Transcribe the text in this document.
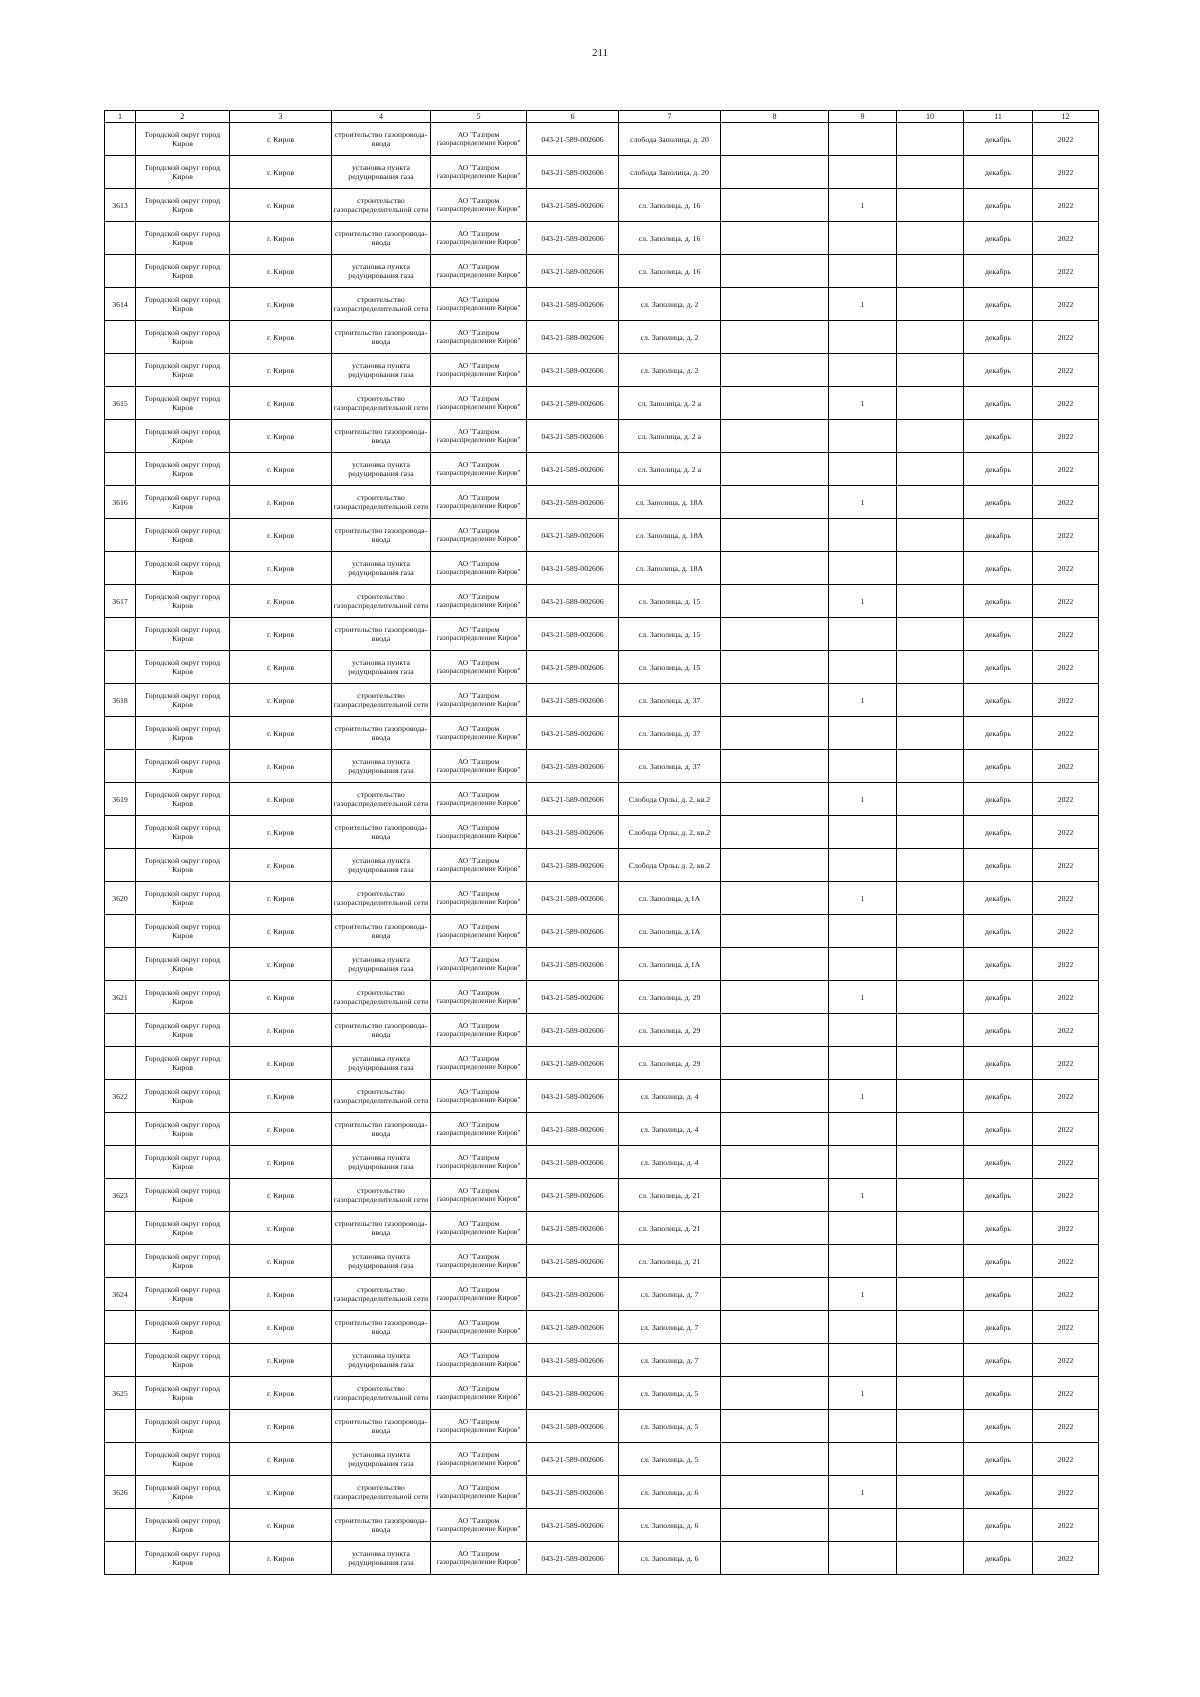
211
1	2	3	4	5	6	7	8	9	10	11	12
	Городской округ город Киров	г. Киров	строительство газопровода-ввода	АО "Газпром газораспределение Киров"	043-21-589-002606	слобода Заполица, д. 20				декабрь	2022
	Городской округ город Киров	г. Киров	установка пункта редуцирования газа	АО "Газпром газораспределение Киров"	043-21-589-002606	слобода Заполица, д. 20				декабрь	2022
3613	Городской округ город Киров	г. Киров	строительство газораспределительной сети	АО "Газпром газораспределение Киров"	043-21-589-002606	сл. Заполица, д. 16		1		декабрь	2022
	Городской округ город Киров	г. Киров	строительство газопровода-ввода	АО "Газпром газораспределение Киров"	043-21-589-002606	сл. Заполица, д. 16				декабрь	2022
	Городской округ город Киров	г. Киров	установка пункта редуцирования газа	АО "Газпром газораспределение Киров"	043-21-589-002606	сл. Заполица, д. 16				декабрь	2022
3614	Городской округ город Киров	г. Киров	строительство газораспределительной сети	АО "Газпром газораспределение Киров"	043-21-589-002606	сл. Заполица, д. 2		1		декабрь	2022
	Городской округ город Киров	г. Киров	строительство газопровода-ввода	АО "Газпром газораспределение Киров"	043-21-589-002606	сл. Заполица, д. 2				декабрь	2022
	Городской округ город Киров	г. Киров	установка пункта редуцирования газа	АО "Газпром газораспределение Киров"	043-21-589-002606	сл. Заполица, д. 2				декабрь	2022
3615	Городской округ город Киров	г. Киров	строительство газораспределительной сети	АО "Газпром газораспределение Киров"	043-21-589-002606	сл. Заполица, д. 2 а		1		декабрь	2022
	Городской округ город Киров	г. Киров	строительство газопровода-ввода	АО "Газпром газораспределение Киров"	043-21-589-002606	сл. Заполица, д. 2 а				декабрь	2022
	Городской округ город Киров	г. Киров	установка пункта редуцирования газа	АО "Газпром газораспределение Киров"	043-21-589-002606	сл. Заполица, д. 2 а				декабрь	2022
3616	Городской округ город Киров	г. Киров	строительство газораспределительной сети	АО "Газпром газораспределение Киров"	043-21-589-002606	сл. Заполица, д. 18А		1		декабрь	2022
	Городской округ город Киров	г. Киров	строительство газопровода-ввода	АО "Газпром газораспределение Киров"	043-21-589-002606	сл. Заполица, д. 18А				декабрь	2022
	Городской округ город Киров	г. Киров	установка пункта редуцирования газа	АО "Газпром газораспределение Киров"	043-21-589-002606	сл. Заполица, д. 18А				декабрь	2022
3617	Городской округ город Киров	г. Киров	строительство газораспределительной сети	АО "Газпром газораспределение Киров"	043-21-589-002606	сл. Заполица, д. 15		1		декабрь	2022
	Городской округ город Киров	г. Киров	строительство газопровода-ввода	АО "Газпром газораспределение Киров"	043-21-589-002606	сл. Заполица, д. 15				декабрь	2022
	Городской округ город Киров	г. Киров	установка пункта редуцирования газа	АО "Газпром газораспределение Киров"	043-21-589-002606	сл. Заполица, д. 15				декабрь	2022
3618	Городской округ город Киров	г. Киров	строительство газораспределительной сети	АО "Газпром газораспределение Киров"	043-21-589-002606	сл. Заполица, д. 37		1		декабрь	2022
	Городской округ город Киров	г. Киров	строительство газопровода-ввода	АО "Газпром газораспределение Киров"	043-21-589-002606	сл. Заполица, д. 37				декабрь	2022
	Городской округ город Киров	г. Киров	установка пункта редуцирования газа	АО "Газпром газораспределение Киров"	043-21-589-002606	сл. Заполица, д. 37				декабрь	2022
3619	Городской округ город Киров	г. Киров	строительство газораспределительной сети	АО "Газпром газораспределение Киров"	043-21-589-002606	Слобода Орлы, д. 2, кв.2		1		декабрь	2022
	Городской округ город Киров	г. Киров	строительство газопровода-ввода	АО "Газпром газораспределение Киров"	043-21-589-002606	Слобода Орлы, д. 2, кв.2				декабрь	2022
	Городской округ город Киров	г. Киров	установка пункта редуцирования газа	АО "Газпром газораспределение Киров"	043-21-589-002606	Слобода Орлы, д. 2, кв.2				декабрь	2022
3620	Городской округ город Киров	г. Киров	строительство газораспределительной сети	АО "Газпром газораспределение Киров"	043-21-589-002606	сл. Заполица, д.1А		1		декабрь	2022
	Городской округ город Киров	г. Киров	строительство газопровода-ввода	АО "Газпром газораспределение Киров"	043-21-589-002606	сл. Заполица, д.1А				декабрь	2022
	Городской округ город Киров	г. Киров	установка пункта редуцирования газа	АО "Газпром газораспределение Киров"	043-21-589-002606	сл. Заполица, д.1А				декабрь	2022
3621	Городской округ город Киров	г. Киров	строительство газораспределительной сети	АО "Газпром газораспределение Киров"	043-21-589-002606	сл. Заполица, д. 29		1		декабрь	2022
	Городской округ город Киров	г. Киров	строительство газопровода-ввода	АО "Газпром газораспределение Киров"	043-21-589-002606	сл. Заполица, д. 29				декабрь	2022
	Городской округ город Киров	г. Киров	установка пункта редуцирования газа	АО "Газпром газораспределение Киров"	043-21-589-002606	сл. Заполица, д. 29				декабрь	2022
3622	Городской округ город Киров	г. Киров	строительство газораспределительной сети	АО "Газпром газораспределение Киров"	043-21-589-002606	сл. Заполица, д. 4		1		декабрь	2022
	Городской округ город Киров	г. Киров	строительство газопровода-ввода	АО "Газпром газораспределение Киров"	043-21-589-002606	сл. Заполица, д. 4				декабрь	2022
	Городской округ город Киров	г. Киров	установка пункта редуцирования газа	АО "Газпром газораспределение Киров"	043-21-589-002606	сл. Заполица, д. 4				декабрь	2022
3623	Городской округ город Киров	г. Киров	строительство газораспределительной сети	АО "Газпром газораспределение Киров"	043-21-589-002606	сл. Заполица, д. 21		1		декабрь	2022
	Городской округ город Киров	г. Киров	строительство газопровода-ввода	АО "Газпром газораспределение Киров"	043-21-589-002606	сл. Заполица, д. 21				декабрь	2022
	Городской округ город Киров	г. Киров	установка пункта редуцирования газа	АО "Газпром газораспределение Киров"	043-21-589-002606	сл. Заполица, д. 21				декабрь	2022
3624	Городской округ город Киров	г. Киров	строительство газораспределительной сети	АО "Газпром газораспределение Киров"	043-21-589-002606	сл. Заполица, д. 7		1		декабрь	2022
	Городской округ город Киров	г. Киров	строительство газопровода-ввода	АО "Газпром газораспределение Киров"	043-21-589-002606	сл. Заполица, д. 7				декабрь	2022
	Городской округ город Киров	г. Киров	установка пункта редуцирования газа	АО "Газпром газораспределение Киров"	043-21-589-002606	сл. Заполица, д. 7				декабрь	2022
3625	Городской округ город Киров	г. Киров	строительство газораспределительной сети	АО "Газпром газораспределение Киров"	043-21-589-002606	сл. Заполица, д. 5		1		декабрь	2022
	Городской округ город Киров	г. Киров	строительство газопровода-ввода	АО "Газпром газораспределение Киров"	043-21-589-002606	сл. Заполица, д. 5				декабрь	2022
	Городской округ город Киров	г. Киров	установка пункта редуцирования газа	АО "Газпром газораспределение Киров"	043-21-589-002606	сл. Заполица, д. 5				декабрь	2022
3626	Городской округ город Киров	г. Киров	строительство газораспределительной сети	АО "Газпром газораспределение Киров"	043-21-589-002606	сл. Заполица, д. 6		1		декабрь	2022
	Городской округ город Киров	г. Киров	строительство газопровода-ввода	АО "Газпром газораспределение Киров"	043-21-589-002606	сл. Заполица, д. 6				декабрь	2022
	Городской округ город Киров	г. Киров	установка пункта редуцирования газа	АО "Газпром газораспределение Киров"	043-21-589-002606	сл. Заполица, д. 6				декабрь	2022
